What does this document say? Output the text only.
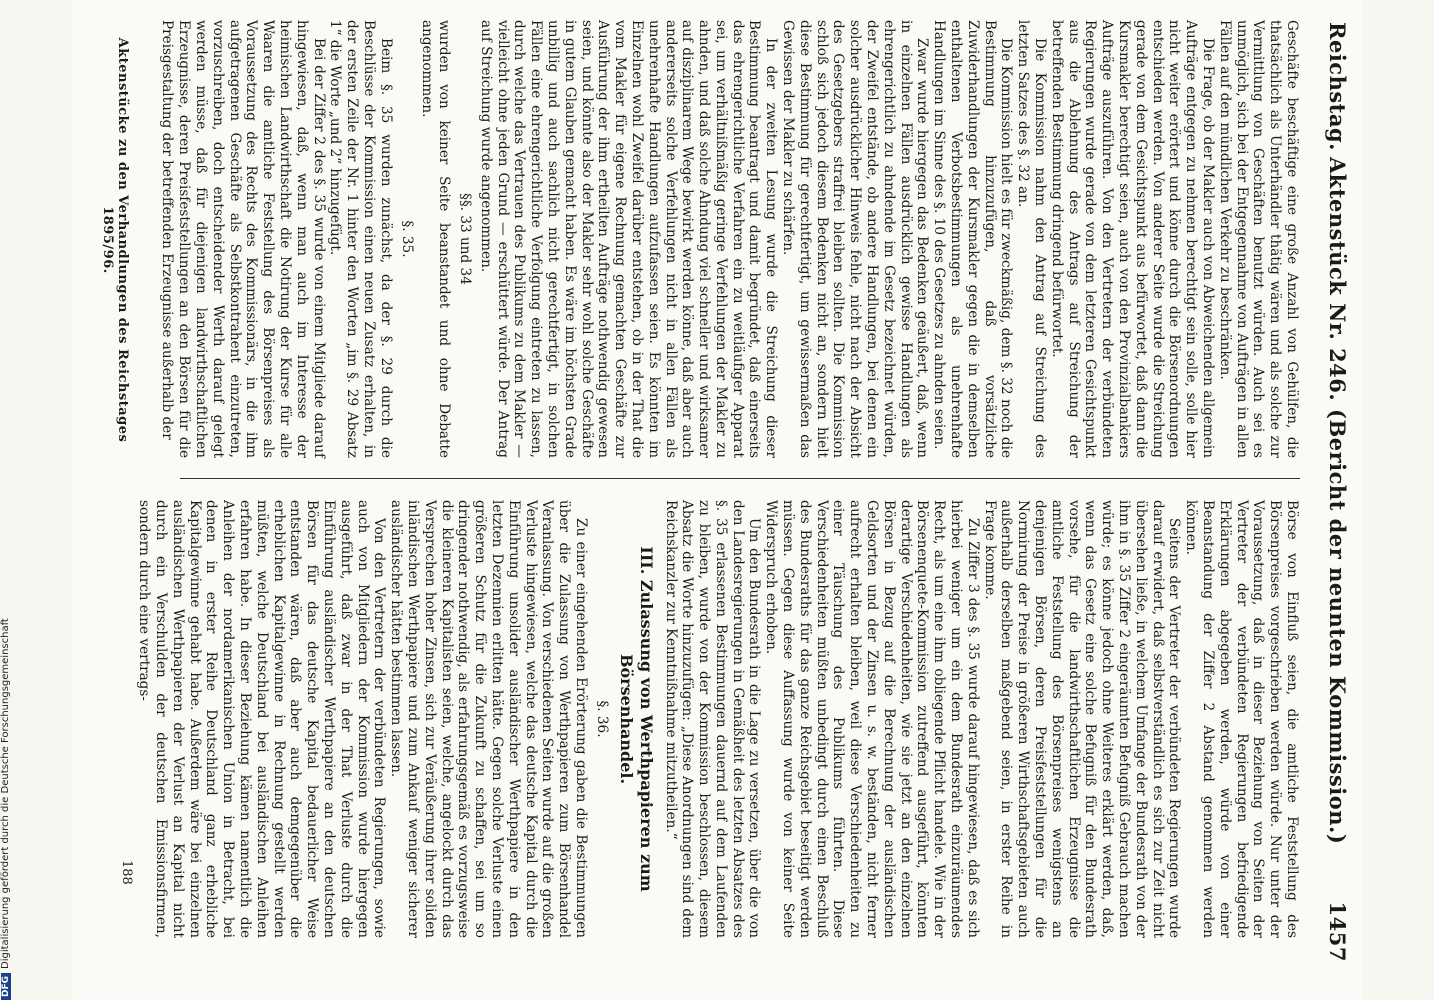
Reichstag.
Aktenstück Nr. 246. (Bericht der neunten Kommission.)
1457

Geschäfte beschäftige eine große Anzahl von Gehülfen, die thatsächlich als Unterhändler thätig wären und als solche zur Vermittlung von Geschäften benutzt würden. Auch sei es unmöglich, sich bei der Entgegennahme von Aufträgen in allen Fällen auf den mündlichen Verkehr zu beschränken.

Die Frage, ob der Makler auch von Abweichenden allgemein Aufträge entgegen zu nehmen berechtigt sein solle, solle hier nicht weiter erörtert und könne durch die Börsenordnungen entschieden werden. Von anderer Seite wurde die Streichung gerade von dem Gesichtspunkt aus befürwortet, daß dann die Kursmakler berechtigt seien, auch von den Provinzialbankiers Aufträge auszuführen. Von den Vertretern der verbündeten Regierungen wurde gerade von dem letzteren Gesichtspunkt aus die Ablehnung des Antrags auf Streichung der betreffenden Bestimmung dringend befürwortet.

Die Kommission nahm den Antrag auf Streichung des letzten Satzes des §. 32 an.

Die Kommission hielt es für zweckmäßig, dem §. 32 noch die Bestimmung hinzuzufügen, daß vorsätzliche Zuwiderhandlungen der Kursmakler gegen die in demselben enthaltenen Verbotsbestimmungen als unehrenhafte Handlungen im Sinne des §. 10 des Gesetzes zu ahnden seien.

Zwar wurde hiergegen das Bedenken geäußert, daß, wenn in einzelnen Fällen ausdrücklich gewisse Handlungen als ehrengerichtlich zu ahndende im Gesetz bezeichnet würden, der Zweifel entstände, ob andere Handlungen, bei denen ein solcher ausdrücklicher Hinweis fehle, nicht nach der Absicht des Gesetzgebers straffrei bleiben sollten. Die Kommission schloß sich jedoch diesem Bedenken nicht an, sondern hielt diese Bestimmung für gerechtfertigt, um gewissermaßen das Gewissen der Makler zu schärfen.

In der zweiten Lesung wurde die Streichung dieser Bestimmung beantragt und damit begründet, daß einerseits das ehrengerichtliche Verfahren ein zu weitläufiger Apparat sei, um verhältnißmäßig geringe Verfehlungen der Makler zu ahnden, und daß solche Ahndung viel schneller und wirksamer auf disziplinarem Wege bewirkt werden könne, daß aber auch andererseits solche Verfehlungen nicht in allen Fällen als unehrenhafte Handlungen aufzufassen seien. Es könnten im Einzelnen wohl Zweifel darüber entstehen, ob in der That die vom Makler für eigene Rechnung gemachten Geschäfte zur Ausführung der ihm ertheilten Aufträge nothwendig gewesen seien, und könnte also der Makler sehr wohl solche Geschäfte in gutem Glauben gemacht haben. Es wäre im höchsten Grade unbillig und auch sachlich nicht gerechtfertigt, in solchen Fällen eine ehrengerichtliche Verfolgung eintreten zu lassen, durch welche das Vertrauen des Publikums zu dem Makler — vielleicht ohne jeden Grund — erschüttert würde. Der Antrag auf Streichung wurde angenommen.

§§. 33 und 34

wurden von keiner Seite beanstandet und ohne Debatte angenommen.

§. 35.

Beim §. 35 wurden zunächst, da der §. 29 durch die Beschlüsse der Kommission einen neuen Zusatz erhalten, in der ersten Zeile der Nr. 1 hinter den Worten „im §. 29 Absatz 1“ die Worte „und 2“ hinzugefügt.

Bei der Ziffer 2 des §. 35 wurde von einem Mitgliede darauf hingewiesen, daß, wenn man auch im Interesse der heimischen Landwirthschaft die Notirung der Kurse für alle Waaren die amtliche Feststellung des Börsenpreises als Voraussetzung des Rechts des Kommissionärs, in die ihm aufgetragenen Geschäfte als Selbstkontrahent einzutreten, vorzuschreiben, doch entscheidender Werth darauf gelegt werden müsse, daß für diejenigen landwirthschaftlichen Erzeugnisse, deren Preisfeststellungen an den Börsen für die Preisgestaltung der betreffenden Erzeugnisse außerhalb der

Börse von Einfluß seien, die amtliche Feststellung des Börsenpreises vorgeschrieben werden würde. Nur unter der Voraussetzung, daß in dieser Beziehung von Seiten der Vertreter der verbündeten Regierungen befriedigende Erklärungen abgegeben werden, würde von einer Beanstandung der Ziffer 2 Abstand genommen werden können.

Seitens der Vertreter der verbündeten Regierungen wurde darauf erwidert, daß selbstverständlich es sich zur Zeit nicht übersehen ließe, in welchem Umfange der Bundesrath von der ihm in §. 35 Ziffer 2 eingeräumten Befugniß Gebrauch machen würde; es könne jedoch ohne Weiteres erklärt werden, daß, wenn das Gesetz eine solche Befugniß für den Bundesrath vorsehe, für die landwirthschaftlichen Erzeugnisse die amtliche Feststellung des Börsenpreises wenigstens an denjenigen Börsen, deren Preisfeststellungen für die Normirung der Preise in größeren Wirthschaftsgebieten auch außerhalb derselben maßgebend seien, in erster Reihe in Frage komme.

Zu Ziffer 3 des §. 35 wurde darauf hingewiesen, daß es sich hierbei weniger um ein dem Bundesrath einzuräumendes Recht, als um eine ihm obliegende Pflicht handele. Wie in der Börsenenquete-Kommission zutreffend ausgeführt, könnten derartige Verschiedenheiten, wie sie jetzt an den einzelnen Börsen in Bezug auf die Berechnung der ausländischen Geldsorten und der Zinsen u. s. w. beständen, nicht ferner aufrecht erhalten bleiben, weil diese Verschiedenheiten zu einer Täuschung des Publikums führten. Diese Verschiedenheiten müßten unbedingt durch einen Beschluß des Bundesraths für das ganze Reichsgebiet beseitigt werden müssen. Gegen diese Auffassung wurde von keiner Seite Widerspruch erhoben.

Um den Bundesrath in die Lage zu versetzen, über die von den Landesregierungen in Gemäßheit des letzten Absatzes des §. 35 erlassenen Bestimmungen dauernd auf dem Laufenden zu bleiben, wurde von der Kommission beschlossen, diesem Absatz die Worte hinzuzufügen: „Diese Anordnungen sind dem Reichskanzler zur Kenntnißnahme mitzutheilen.“

III. Zulassung von Werthpapieren zum Börsenhandel.

§. 36.

Zu einer eingehenden Erörterung gaben die Bestimmungen über die Zulassung von Werthpapieren zum Börsenhandel Veranlassung. Von verschiedenen Seiten wurde auf die großen Verluste hingewiesen, welche das deutsche Kapital durch die Einführung unsolider ausländischer Werthpapiere in den letzten Dezennien erlitten hätte. Gegen solche Verluste einen größeren Schutz für die Zukunft zu schaffen, sei um so dringender nothwendig, als erfahrungsgemäß es vorzugsweise die kleineren Kapitalisten seien, welche, angelockt durch das Versprechen hoher Zinsen, sich zur Veräußerung ihrer soliden inländischen Werthpapiere und zum Ankauf weniger sicherer ausländischer hätten bestimmen lassen.

Von den Vertretern der verbündeten Regierungen, sowie auch von Mitgliedern der Kommission wurde hiergegen ausgeführt, daß zwar in der That Verluste durch die Einführung ausländischer Werthpapiere an den deutschen Börsen für das deutsche Kapital bedauerlicher Weise entstanden wären, daß aber auch demgegenüber die erheblichen Kapitalgewinne in Rechnung gestellt werden müßten, welche Deutschland bei ausländischen Anleihen erfahren habe. In dieser Beziehung kämen namentlich die Anleihen der nordamerikanischen Union in Betracht, bei denen in erster Reihe Deutschland ganz erhebliche Kapitalgewinne gehabt habe. Außerdem wäre bei einzelnen ausländischen Werthpapieren der Verlust an Kapital nicht durch ein Verschulden der deutschen Emissionsfirmen, sondern durch eine vertrags-

Aktenstücke zu den Verhandlungen des Reichstages 1895/96.
188
DFGDigitalisierung gefördert durch die Deutsche Forschungsgemeinschaft
